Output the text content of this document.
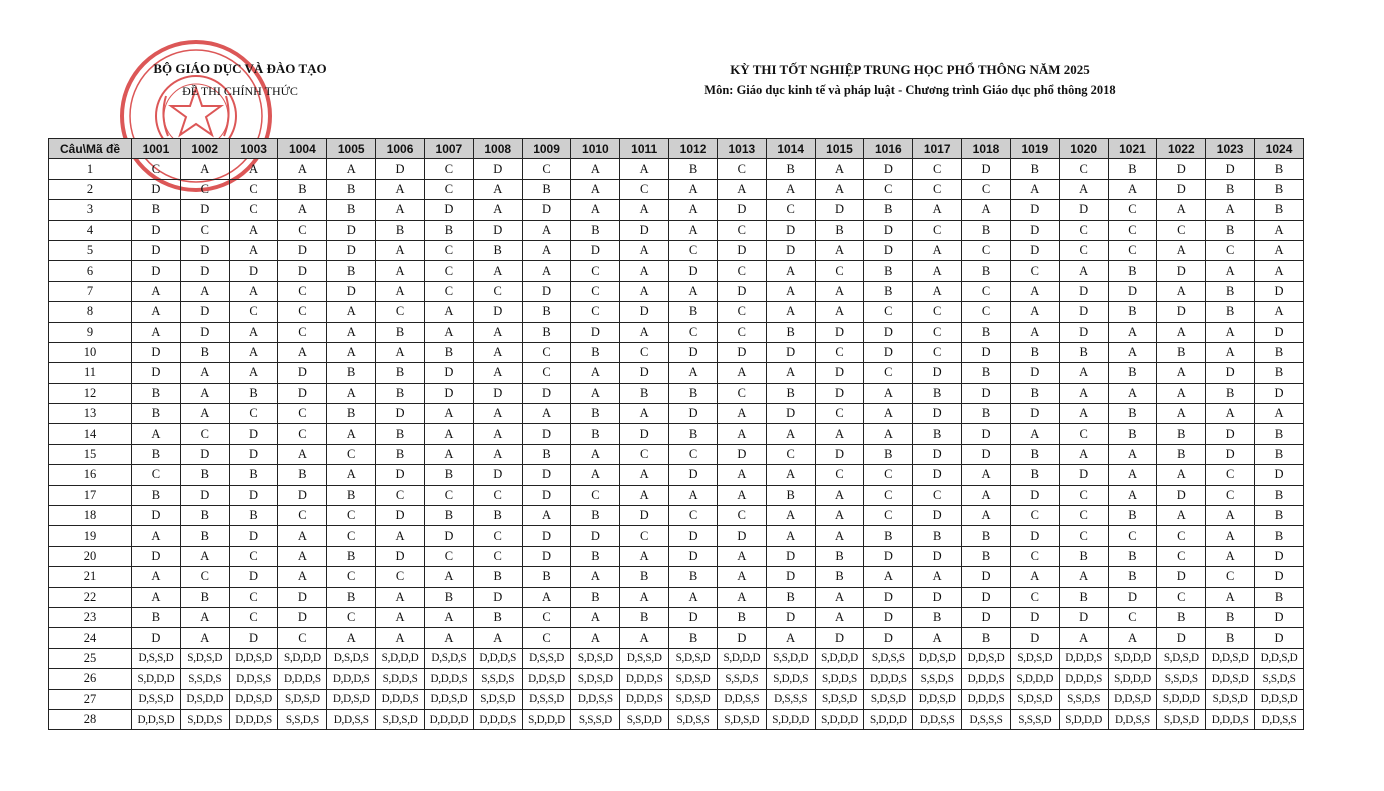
BỘ GIÁO DỤC VÀ ĐÀO TẠO
ĐỀ THI CHÍNH THỨC
KỲ THI TỐT NGHIỆP TRUNG HỌC PHỔ THÔNG NĂM 2025
Môn: Giáo dục kinh tế và pháp luật - Chương trình Giáo dục phổ thông 2018
Câu\Mã đề	1001	1002	1003	1004	1005	1006	1007	1008	1009	1010	1011	1012	1013	1014	1015	1016	1017	1018	1019	1020	1021	1022	1023	1024
1	C	A	A	A	A	D	C	D	C	A	A	B	C	B	A	D	C	D	B	C	B	D	D	B
2	D	C	C	B	B	A	C	A	B	A	C	A	A	A	A	C	C	C	A	A	A	D	B	B
3	B	D	C	A	B	A	D	A	D	A	A	A	D	C	D	B	A	A	D	D	C	A	A	B
4	D	C	A	C	D	B	B	D	A	B	D	A	C	D	B	D	C	B	D	C	C	C	B	A
5	D	D	A	D	D	A	C	B	A	D	A	C	D	D	A	D	A	C	D	C	C	A	C	A
6	D	D	D	D	B	A	C	A	A	C	A	D	C	A	C	B	A	B	C	A	B	D	A	A
7	A	A	A	C	D	A	C	C	D	C	A	A	D	A	A	B	A	C	A	D	D	A	B	D
8	A	D	C	C	A	C	A	D	B	C	D	B	C	A	A	C	C	C	A	D	B	D	B	A
9	A	D	A	C	A	B	A	A	B	D	A	C	C	B	D	D	C	B	A	D	A	A	A	D
10	D	B	A	A	A	A	B	A	C	B	C	D	D	D	C	D	C	D	B	B	A	B	A	B
11	D	A	A	D	B	B	D	A	C	A	D	A	A	A	D	C	D	B	D	A	B	A	D	B
12	B	A	B	D	A	B	D	D	D	A	B	B	C	B	D	A	B	D	B	A	A	A	B	D
13	B	A	C	C	B	D	A	A	A	B	A	D	A	D	C	A	D	B	D	A	B	A	A	A
14	A	C	D	C	A	B	A	A	D	B	D	B	A	A	A	A	B	D	A	C	B	B	D	B
15	B	D	D	A	C	B	A	A	B	A	C	C	D	C	D	B	D	D	B	A	A	B	D	B
16	C	B	B	B	A	D	B	D	D	A	A	D	A	A	C	C	D	A	B	D	A	A	C	D
17	B	D	D	D	B	C	C	C	D	C	A	A	A	B	A	C	C	A	D	C	A	D	C	B
18	D	B	B	C	C	D	B	B	A	B	D	C	C	A	A	C	D	A	C	C	B	A	A	B
19	A	B	D	A	C	A	D	C	D	D	C	D	D	A	A	B	B	B	D	C	C	C	A	B
20	D	A	C	A	B	D	C	C	D	B	A	D	A	D	B	D	D	B	C	B	B	C	A	D
21	A	C	D	A	C	C	A	B	B	A	B	B	A	D	B	A	A	D	A	A	B	D	C	D
22	A	B	C	D	B	A	B	D	A	B	A	A	A	B	A	D	D	D	C	B	D	C	A	B
23	B	A	C	D	C	A	A	B	C	A	B	D	B	D	A	D	B	D	D	D	C	B	B	D
24	D	A	D	C	A	A	A	A	C	A	A	B	D	A	D	D	A	B	D	A	A	D	B	D
25	D,S,S,D	S,D,S,D	D,D,S,D	S,D,D,D	D,S,D,S	S,D,D,D	D,S,D,S	D,D,D,S	D,S,S,D	S,D,S,D	D,S,S,D	S,D,S,D	S,D,D,D	S,S,D,D	S,D,D,D	S,D,S,S	D,D,S,D	D,D,S,D	S,D,S,D	D,D,D,S	S,D,D,D	S,D,S,D	D,D,S,D	D,D,S,D
26	S,D,D,D	S,S,D,S	D,D,S,S	D,D,D,S	D,D,D,S	S,D,D,S	D,D,D,S	S,S,D,S	D,D,S,D	S,D,S,D	D,D,D,S	S,D,S,D	S,S,D,S	S,D,D,S	S,D,D,S	D,D,D,S	S,S,D,S	D,D,D,S	S,D,D,D	D,D,D,S	S,D,D,D	S,S,D,S	D,D,S,D	S,S,D,S
27	D,S,S,D	D,S,D,D	D,D,S,D	S,D,S,D	D,D,S,D	D,D,D,S	D,D,S,D	S,D,S,D	D,S,S,D	D,D,S,S	D,D,D,S	S,D,S,D	D,D,S,S	D,S,S,S	S,D,S,D	S,D,S,D	D,D,S,D	D,D,D,S	S,D,S,D	S,S,D,S	D,D,S,D	S,D,D,D	S,D,S,D	D,D,S,D
28	D,D,S,D	S,D,D,S	D,D,D,S	S,S,D,S	D,D,S,S	S,D,S,D	D,D,D,D	D,D,D,S	S,D,D,D	S,S,S,D	S,S,D,D	S,D,S,S	S,D,S,D	S,D,D,D	S,D,D,D	S,D,D,D	D,D,S,S	D,S,S,S	S,S,S,D	S,D,D,D	D,D,S,S	S,D,S,D	D,D,D,S	D,D,S,S
